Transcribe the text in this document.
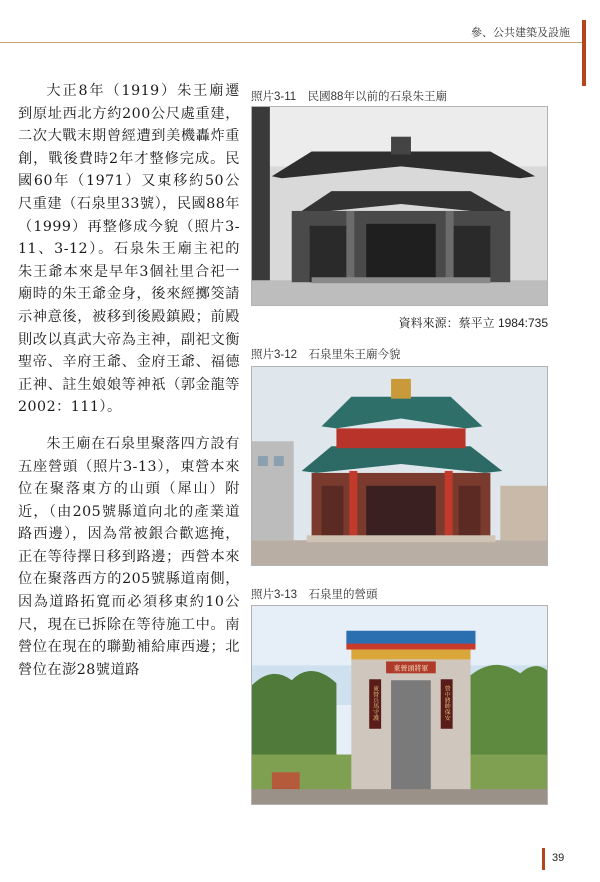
參、公共建築及設施

大正8年（1919）朱王廟遷到原址西北方約200公尺處重建，二次大戰末期曾經遭到美機轟炸重創，戰後費時2年才整修完成。民國60年（1971）又東移約50公尺重建（石泉里33號），民國88年（1999）再整修成今貌（照片3-11、3-12）。石泉朱王廟主祀的朱王爺本來是早年3個社里合祀一廟時的朱王爺金身，後來經擲筊請示神意後，被移到後殿鎮殿；前殿則改以真武大帝為主神，副祀文衡聖帝、辛府王爺、金府王爺、福德正神、註生娘娘等神祇（郭金龍等2002：111）。

朱王廟在石泉里聚落四方設有五座營頭（照片3-13），東營本來位在聚落東方的山頭（犀山）附近，（由205號縣道向北的產業道路西邊），因為常被銀合歡遮掩，正在等待擇日移到路邊；西營本來位在聚落西方的205號縣道南側，因為道路拓寬而必須移東約10公尺，現在已拆除在等待施工中。南營位在現在的聯勤補給庫西邊；北營位在澎28號道路

照片3-11　民國88年以前的石泉朱王廟
資料來源：蔡平立 1984:735
照片3-12　石泉里朱王廟今貌
照片3-13　石泉里的營頭
東營頭將軍
東營兵馬守護	營中將帥保安
39
